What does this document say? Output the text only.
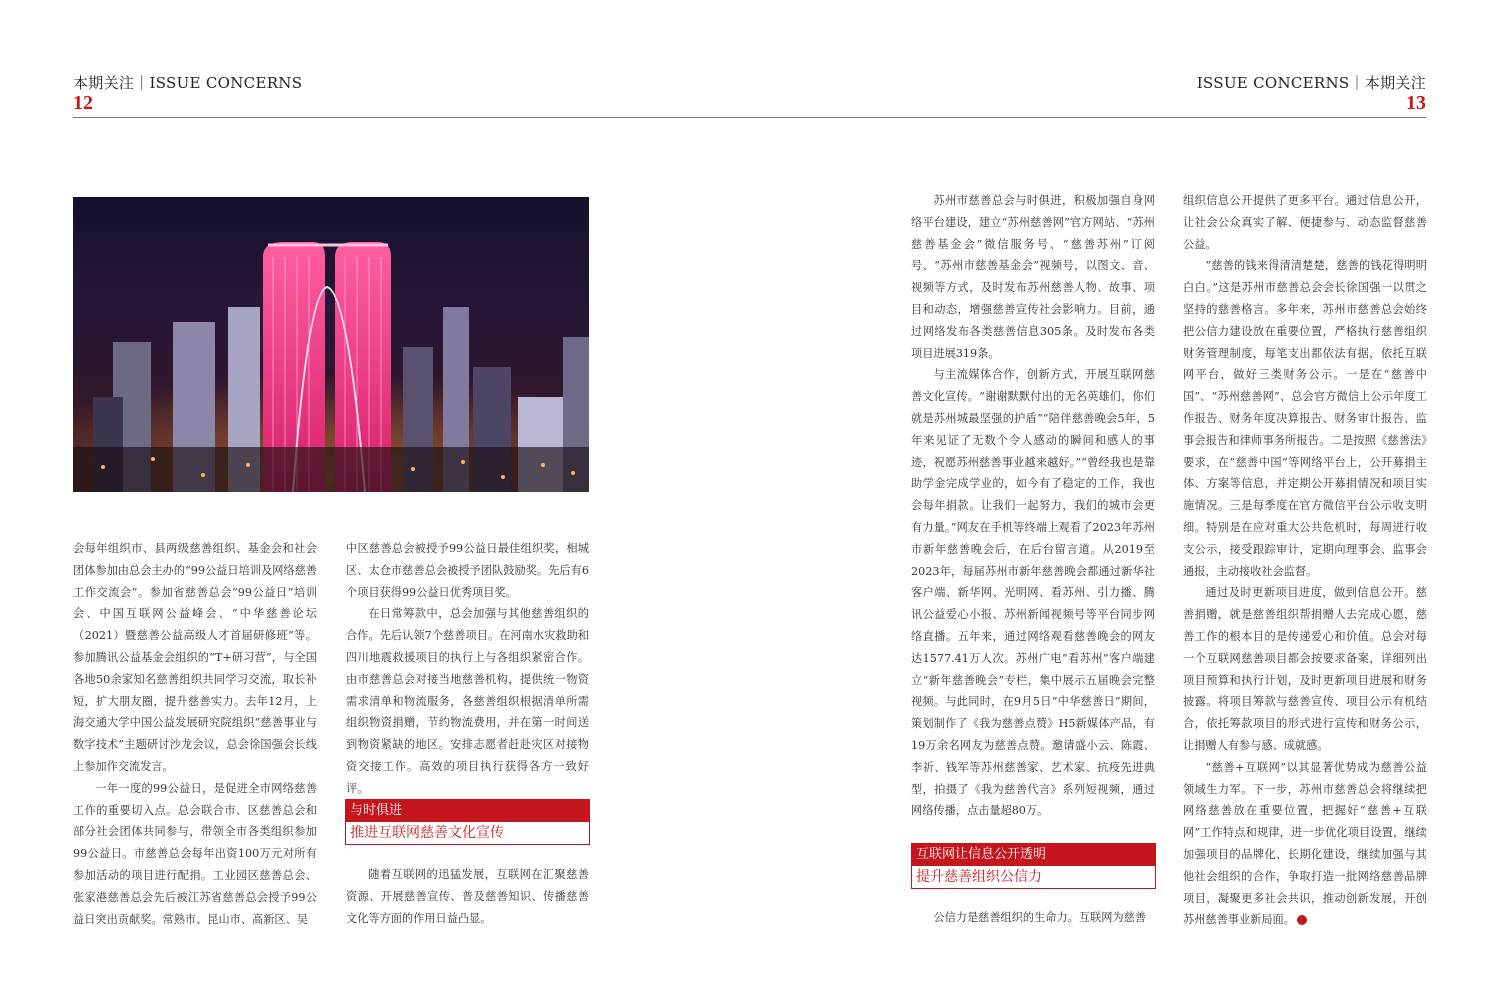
本期关注｜ISSUE CONCERNS	ISSUE CONCERNS｜本期关注
12	13

会每年组织市、县两级慈善组织、基金会和社会团体参加由总会主办的“99公益日培训及网络慈善工作交流会”。参加省慈善总会“99公益日”培训会、中国互联网公益峰会、“中华慈善论坛（2021）暨慈善公益高级人才首届研修班”等。参加腾讯公益基金会组织的“T+研习营”，与全国各地50余家知名慈善组织共同学习交流，取长补短，扩大朋友圈，提升慈善实力。去年12月，上海交通大学中国公益发展研究院组织“慈善事业与数字技术”主题研讨沙龙会议，总会徐国强会长线上参加作交流发言。

一年一度的99公益日，是促进全市网络慈善工作的重要切入点。总会联合市、区慈善总会和部分社会团体共同参与，带领全市各类组织参加99公益日。市慈善总会每年出资100万元对所有参加活动的项目进行配捐。工业园区慈善总会、张家港慈善总会先后被江苏省慈善总会授予99公益日突出贡献奖。常熟市、昆山市、高新区、吴

中区慈善总会被授予99公益日最佳组织奖，相城区、太仓市慈善总会被授予团队鼓励奖。先后有6个项目获得99公益日优秀项目奖。

在日常筹款中，总会加强与其他慈善组织的合作。先后认领7个慈善项目。在河南水灾救助和四川地震救援项目的执行上与各组织紧密合作。由市慈善总会对接当地慈善机构，提供统一物资需求清单和物流服务，各慈善组织根据清单所需组织物资捐赠，节约物流费用，并在第一时间送到物资紧缺的地区。安排志愿者赶赴灾区对接物资交接工作。高效的项目执行获得各方一致好评。

与时俱进
推进互联网慈善文化宣传

随着互联网的迅猛发展，互联网在汇聚慈善资源、开展慈善宣传、普及慈善知识、传播慈善文化等方面的作用日益凸显。

苏州市慈善总会与时俱进，积极加强自身网络平台建设，建立“苏州慈善网”官方网站、“苏州慈善基金会”微信服务号、“慈善苏州”订阅号、“苏州市慈善基金会”视频号，以图文、音、视频等方式，及时发布苏州慈善人物、故事、项目和动态，增强慈善宣传社会影响力。目前，通过网络发布各类慈善信息305条。及时发布各类项目进展319条。

与主流媒体合作，创新方式，开展互联网慈善文化宣传。“谢谢默默付出的无名英雄们，你们就是苏州城最坚强的护盾”“陪伴慈善晚会5年，5年来见证了无数个令人感动的瞬间和感人的事迹，祝愿苏州慈善事业越来越好。”“曾经我也是靠助学金完成学业的，如今有了稳定的工作，我也会每年捐款。让我们一起努力，我们的城市会更有力量。”网友在手机等终端上观看了2023年苏州市新年慈善晚会后，在后台留言道。从2019至2023年，每届苏州市新年慈善晚会都通过新华社客户端、新华网、光明网、看苏州、引力播、腾讯公益爱心小报、苏州新闻视频号等平台同步网络直播。五年来，通过网络观看慈善晚会的网友达1577.41万人次。苏州广电“看苏州”客户端建立“新年慈善晚会”专栏，集中展示五届晚会完整视频。与此同时，在9月5日“中华慈善日”期间，策划制作了《我为慈善点赞》H5新媒体产品，有19万余名网友为慈善点赞。邀请盛小云、陈霞、李祈、钱军等苏州慈善家、艺术家、抗疫先进典型，拍摄了《我为慈善代言》系列短视频，通过网络传播，点击量超80万。

互联网让信息公开透明
提升慈善组织公信力

公信力是慈善组织的生命力。互联网为慈善

组织信息公开提供了更多平台。通过信息公开，让社会公众真实了解、便捷参与、动态监督慈善公益。

“慈善的钱来得清清楚楚，慈善的钱花得明明白白。”这是苏州市慈善总会会长徐国强一以贯之坚持的慈善格言。多年来，苏州市慈善总会始终把公信力建设放在重要位置，严格执行慈善组织财务管理制度，每笔支出都依法有据，依托互联网平台，做好三类财务公示。一是在“慈善中国”、“苏州慈善网”、总会官方微信上公示年度工作报告、财务年度决算报告、财务审计报告、监事会报告和律师事务所报告。二是按照《慈善法》要求，在“慈善中国”等网络平台上，公开募捐主体、方案等信息，并定期公开募捐情况和项目实施情况。三是每季度在官方微信平台公示收支明细。特别是在应对重大公共危机时，每周进行收支公示，接受跟踪审计，定期向理事会、监事会通报，主动接收社会监督。

通过及时更新项目进度，做到信息公开。慈善捐赠，就是慈善组织帮捐赠人去完成心愿，慈善工作的根本目的是传递爱心和价值。总会对每一个互联网慈善项目都会按要求备案，详细列出项目预算和执行计划，及时更新项目进展和财务披露。将项目筹款与慈善宣传、项目公示有机结合，依托筹款项目的形式进行宣传和财务公示，让捐赠人有参与感、成就感。

“慈善+互联网”以其显著优势成为慈善公益领域生力军。下一步，苏州市慈善总会将继续把网络慈善放在重要位置，把握好“慈善+互联网”工作特点和规律，进一步优化项目设置，继续加强项目的品牌化、长期化建设，继续加强与其他社会组织的合作，争取打造一批网络慈善品牌项目，凝聚更多社会共识，推动创新发展，开创苏州慈善事业新局面。	慈
